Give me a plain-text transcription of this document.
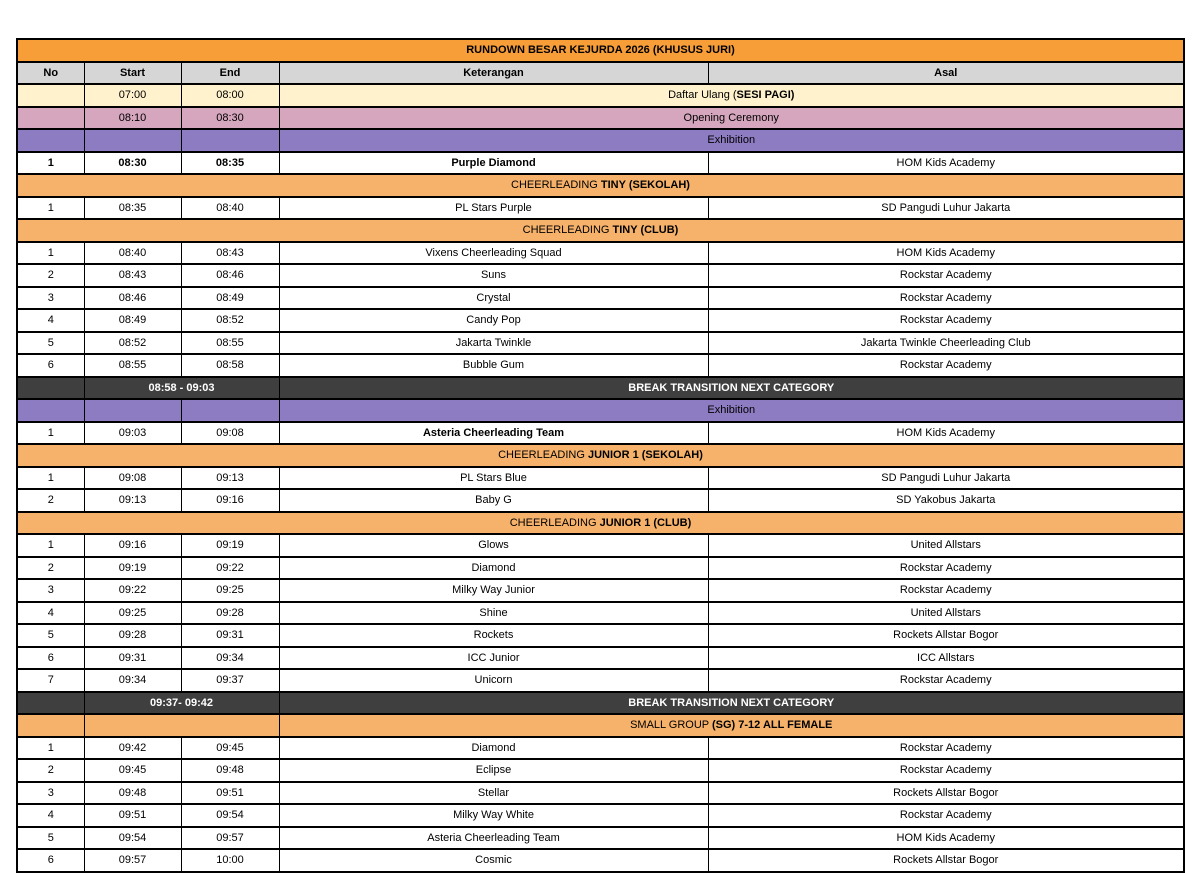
RUNDOWN BESAR KEJURDA 2026 (KHUSUS JURI)				
No	Start	End	Keterangan	Asal
	07:00	08:00	Daftar Ulang (SESI PAGI)	
	08:10	08:30	Opening Ceremony	
			Exhibition	
1	08:30	08:35	Purple Diamond	HOM Kids Academy
CHEERLEADING TINY (SEKOLAH)				
1	08:35	08:40	PL Stars Purple	SD Pangudi Luhur Jakarta
CHEERLEADING TINY (CLUB)				
1	08:40	08:43	Vixens Cheerleading Squad	HOM Kids Academy
2	08:43	08:46	Suns	Rockstar Academy
3	08:46	08:49	Crystal	Rockstar Academy
4	08:49	08:52	Candy Pop	Rockstar Academy
5	08:52	08:55	Jakarta Twinkle	Jakarta Twinkle Cheerleading Club
6	08:55	08:58	Bubble Gum	Rockstar Academy
	08:58 - 09:03		BREAK TRANSITION NEXT CATEGORY	
			Exhibition	
1	09:03	09:08	Asteria Cheerleading Team	HOM Kids Academy
CHEERLEADING JUNIOR 1 (SEKOLAH)				
1	09:08	09:13	PL Stars Blue	SD Pangudi Luhur Jakarta
2	09:13	09:16	Baby G	SD Yakobus Jakarta
CHEERLEADING JUNIOR 1 (CLUB)				
1	09:16	09:19	Glows	United Allstars
2	09:19	09:22	Diamond	Rockstar Academy
3	09:22	09:25	Milky Way Junior	Rockstar Academy
4	09:25	09:28	Shine	United Allstars
5	09:28	09:31	Rockets	Rockets Allstar Bogor
6	09:31	09:34	ICC Junior	ICC Allstars
7	09:34	09:37	Unicorn	Rockstar Academy
	09:37- 09:42		BREAK TRANSITION NEXT CATEGORY	
			SMALL GROUP (SG) 7-12 ALL FEMALE	
1	09:42	09:45	Diamond	Rockstar Academy
2	09:45	09:48	Eclipse	Rockstar Academy
3	09:48	09:51	Stellar	Rockets Allstar Bogor
4	09:51	09:54	Milky Way White	Rockstar Academy
5	09:54	09:57	Asteria Cheerleading Team	HOM Kids Academy
6	09:57	10:00	Cosmic	Rockets Allstar Bogor
